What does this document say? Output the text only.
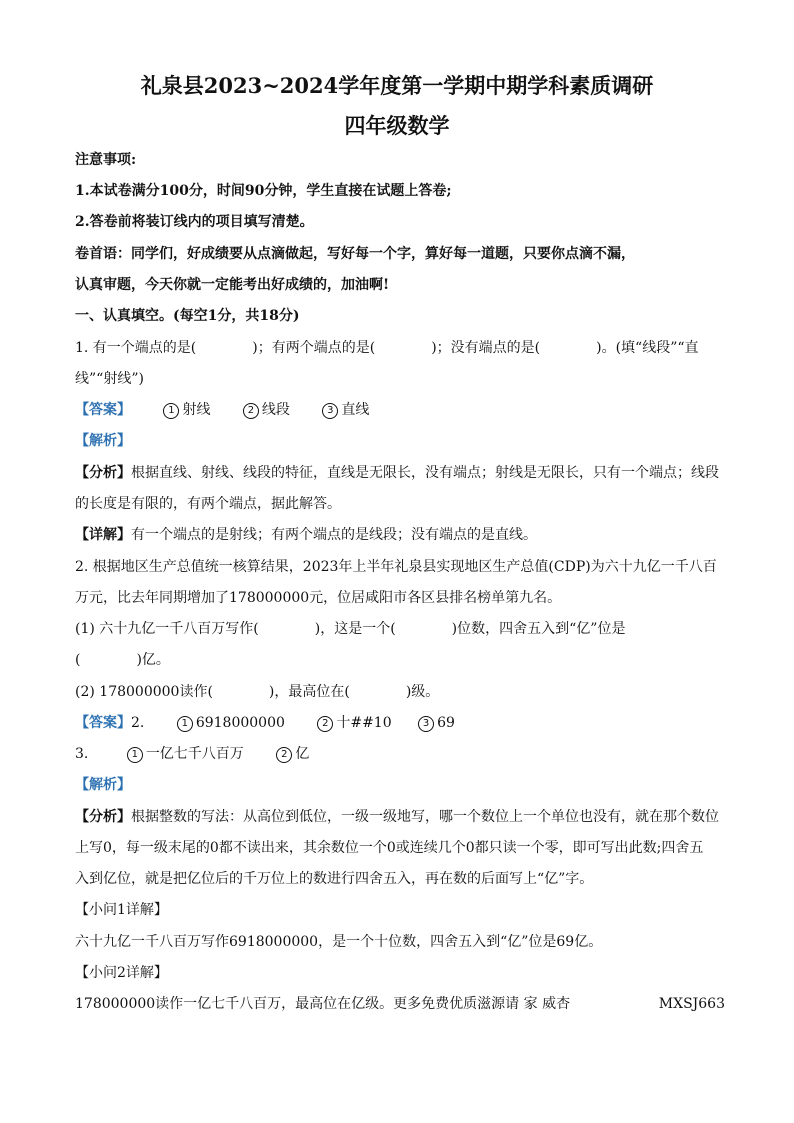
礼泉县2023~2024学年度第一学期中期学科素质调研
四年级数学
注意事项:
1.本试卷满分100分，时间90分钟，学生直接在试题上答卷;
2.答卷前将装订线内的项目填写清楚。
卷首语：同学们，好成绩要从点滴做起，写好每一个字，算好每一道题，只要你点滴不漏，
认真审题，今天你就一定能考出好成绩的，加油啊!
一、认真填空。(每空1分，共18分)
1. 有一个端点的是(　　　　)；有两个端点的是(　　　　)；没有端点的是(　　　　)。(填“线段”“直
线”“射线”)
【答案】	1 射线	2 线段	3 直线
【解析】
【分析】根据直线、射线、线段的特征，直线是无限长，没有端点；射线是无限长，只有一个端点；线段
的长度是有限的，有两个端点，据此解答。
【详解】有一个端点的是射线；有两个端点的是线段；没有端点的是直线。
2. 根据地区生产总值统一核算结果，2023年上半年礼泉县实现地区生产总值(CDP)为六十九亿一千八百
万元，比去年同期增加了178000000元，位居咸阳市各区县排名榜单第九名。
(1) 六十九亿一千八百万写作(　　　　)，这是一个(　　　　)位数，四舍五入到“亿”位是
(　　　　)亿。
(2) 178000000读作(　　　　)，最高位在(　　　　)级。
【答案】2.	1 6918000000	2 十##10	3 69
3.	1 一亿七千八百万	2 亿
【解析】
【分析】根据整数的写法：从高位到低位，一级一级地写，哪一个数位上一个单位也没有，就在那个数位
上写0，每一级末尾的0都不读出来，其余数位一个0或连续几个0都只读一个零，即可写出此数;四舍五
入到亿位，就是把亿位后的千万位上的数进行四舍五入，再在数的后面写上“亿”字。
【小问1详解】
六十九亿一千八百万写作6918000000，是一个十位数，四舍五入到“亿”位是69亿。
【小问2详解】
178000000读作一亿七千八百万，最高位在亿级。更多免费优质滋源请 家 威杏	MXSJ663
